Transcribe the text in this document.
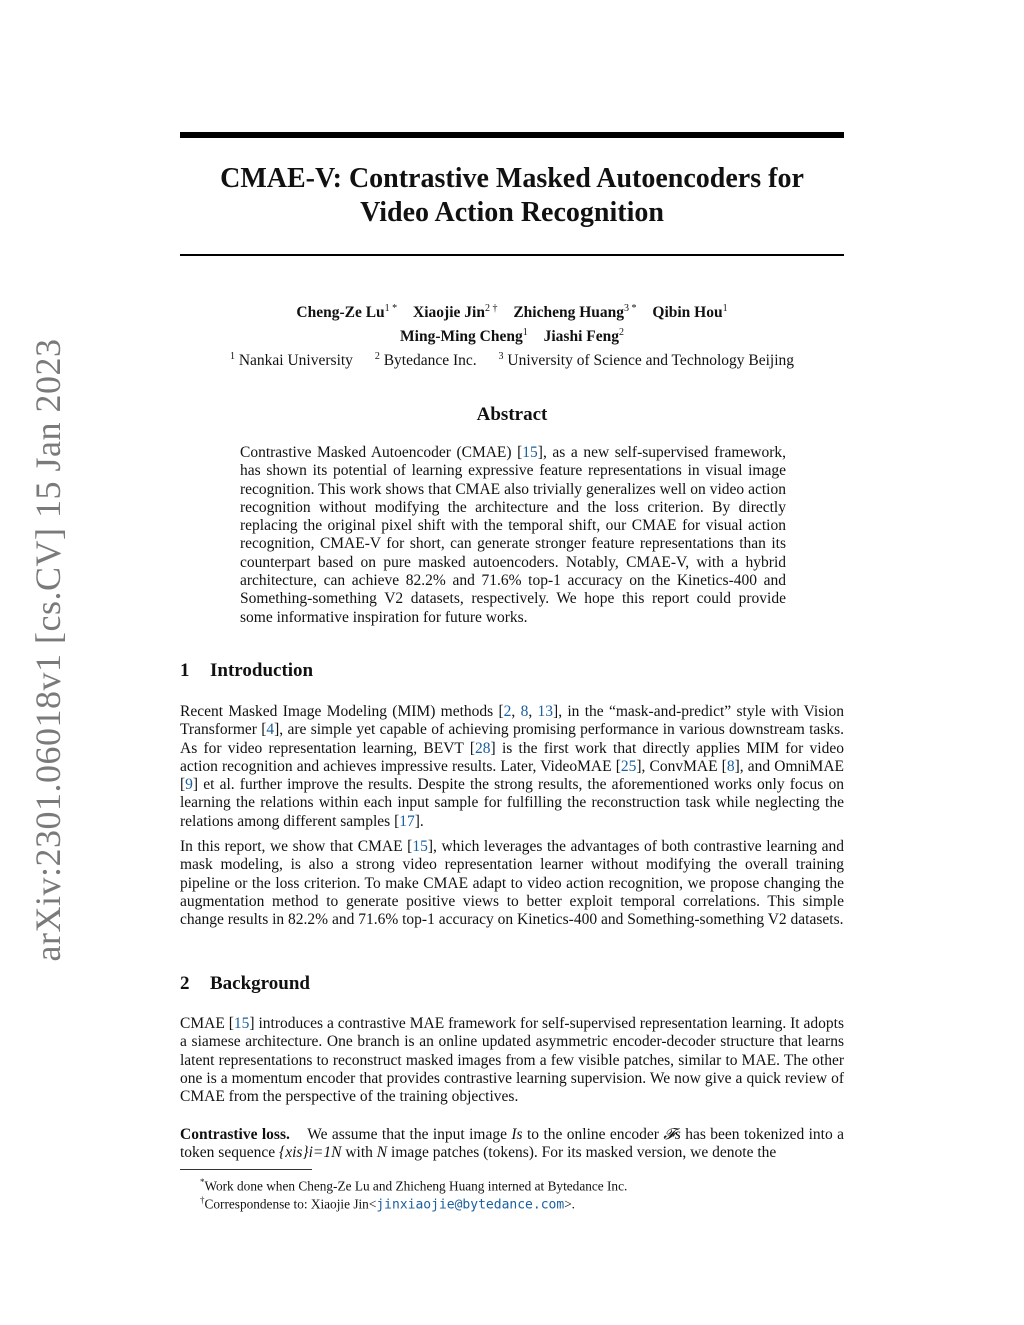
arXiv:2301.06018v1 [cs.CV] 15 Jan 2023
CMAE-V: Contrastive Masked Autoencoders for
Video Action Recognition
Cheng-Ze $Lu^{1 *}$ Xiaojie Jin$^{2 \dagger}$ Zhicheng Huang$^{3 *}$ Qibin Hou$^1$
Ming-Ming Cheng$^1$ Jiashi Feng$^2$
$^1$ Nankai University $^2$ Bytedance Inc. $^3$ University of Science and Technology Beijing
Abstract

Contrastive Masked Autoencoder (CMAE) [15], as a new self-supervised framework, has shown its potential of learning expressive feature representations in visual image recognition. This work shows that CMAE also trivially generalizes well on video action recognition without modifying the architecture and the loss criterion. By directly replacing the original pixel shift with the temporal shift, our CMAE for visual action recognition, CMAE-V for short, can generate stronger feature representations than its counterpart based on pure masked autoencoders. Notably, CMAE-V, with a hybrid architecture, can achieve 82.2% and 71.6% top-1 accuracy on the Kinetics-400 and Something-something V2 datasets, respectively. We hope this report could provide some informative inspiration for future works.

1 Introduction

Recent Masked Image Modeling (MIM) methods [2, 8, 13], in the “mask-and-predict” style with Vision Transformer [4], are simple yet capable of achieving promising performance in various downstream tasks. As for video representation learning, BEVT [28] is the first work that directly applies MIM for video action recognition and achieves impressive results. Later, VideoMAE [25], ConvMAE [8], and OmniMAE [9] et al. further improve the results. Despite the strong results, the aforementioned works only focus on learning the relations within each input sample for fulfilling the reconstruction task while neglecting the relations among different samples [17].

In this report, we show that CMAE [15], which leverages the advantages of both contrastive learning and mask modeling, is also a strong video representation learner without modifying the overall training pipeline or the loss criterion. To make CMAE adapt to video action recognition, we propose changing the augmentation method to generate positive views to better exploit temporal correlations. This simple change results in 82.2% and 71.6% top-1 accuracy on Kinetics-400 and Something-something V2 datasets.

2 Background

CMAE [15] introduces a contrastive MAE framework for self-supervised representation learning. It adopts a siamese architecture. One branch is an online updated asymmetric encoder-decoder structure that learns latent representations to reconstruct masked images from a few visible patches, similar to MAE. The other one is a momentum encoder that provides contrastive learning supervision. We now give a quick review of CMAE from the perspective of the training objectives.

Contrastive loss. We assume that the input image Is to the online encoder 𝓕s has been tokenized into a token sequence {xis}i=1N with N image patches (tokens). For its masked version, we denote the

*Work done when Cheng-Ze Lu and Zhicheng Huang interned at Bytedance Inc.

†Correspondense to: Xiaojie Jin<jinxiaojie@bytedance.com>.
